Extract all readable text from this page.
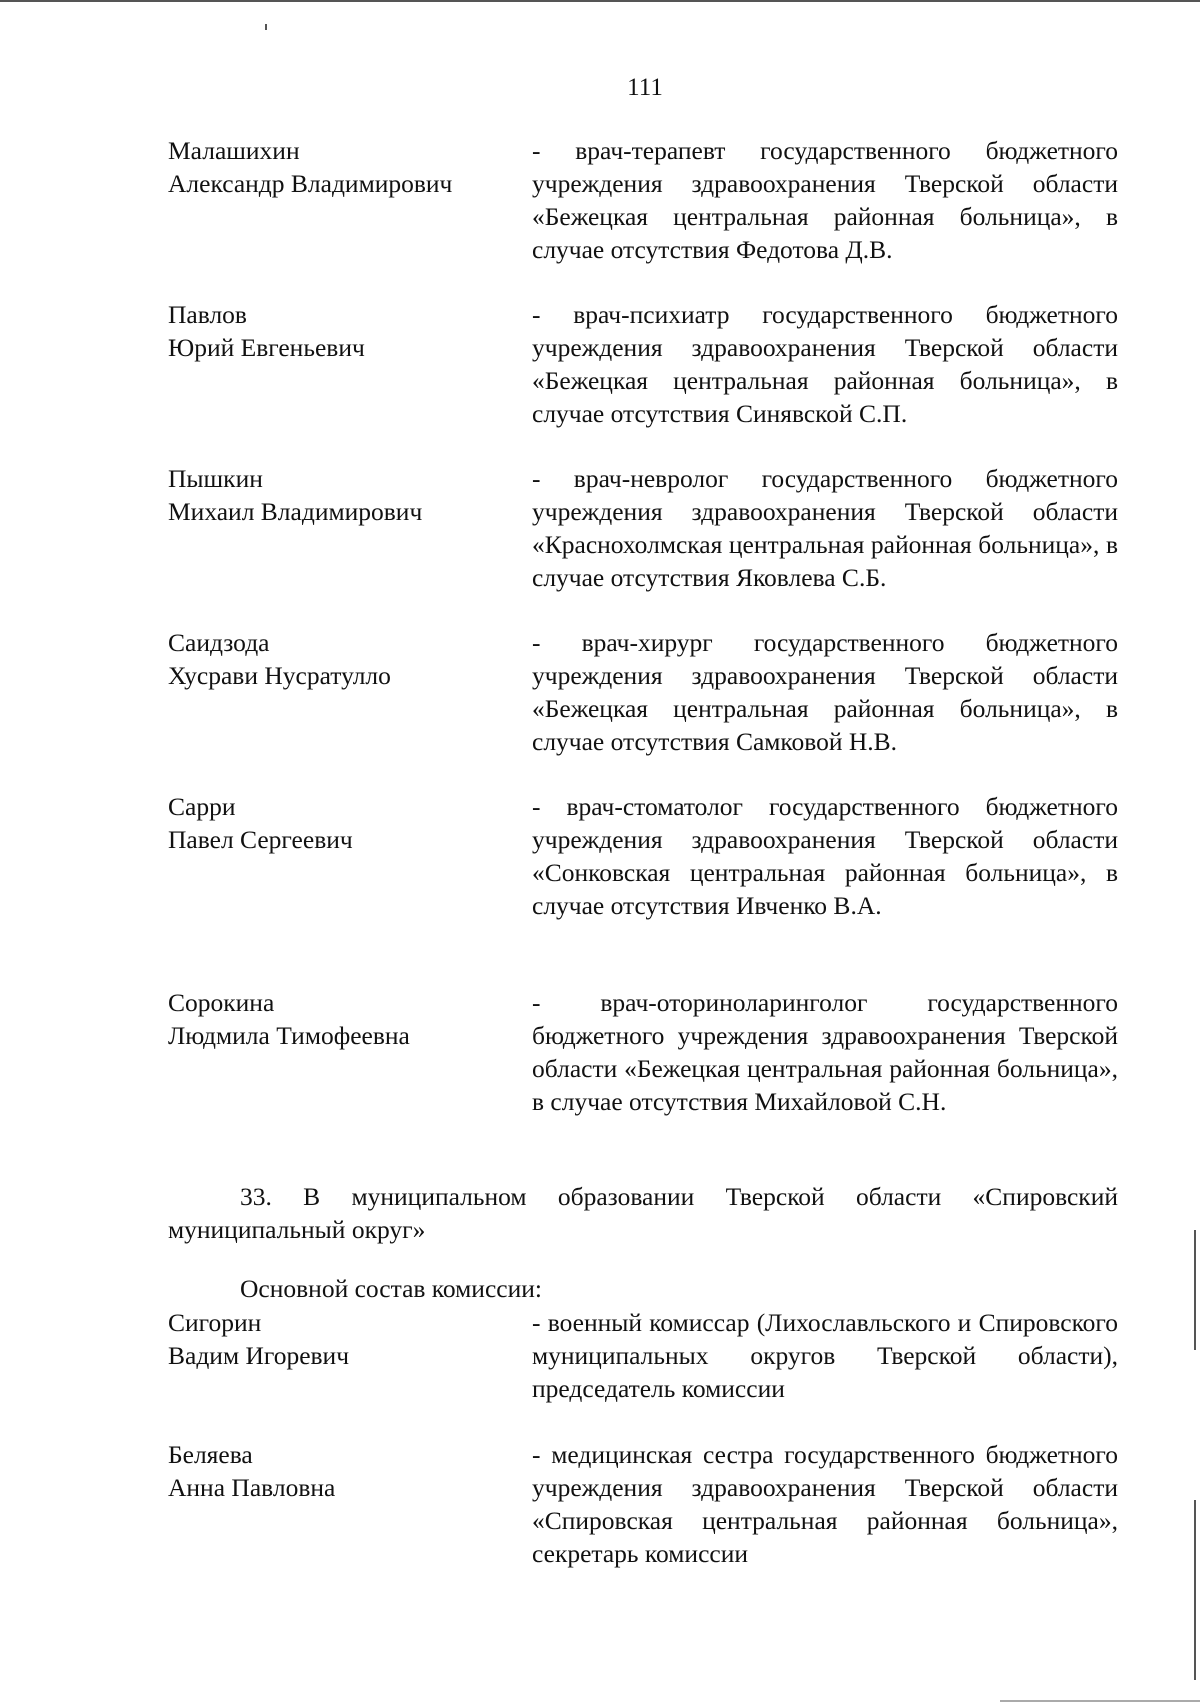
111
Малашихин
Александр Владимирович
- врач-терапевт государственного бюджетного учреждения здравоохранения Тверской области «Бежецкая центральная районная больница», в случае отсутствия Федотова Д.В.
Павлов
Юрий Евгеньевич
- врач-психиатр государственного бюджетного учреждения здравоохранения Тверской области «Бежецкая центральная районная больница», в случае отсутствия Синявской С.П.
Пышкин
Михаил Владимирович
- врач-невролог государственного бюджетного учреждения здравоохранения Тверской области «Краснохолмская центральная районная больница», в случае отсутствия Яковлева С.Б.
Саидзода
Хусрави Нусратулло
- врач-хирург государственного бюджетного учреждения здравоохранения Тверской области «Бежецкая центральная районная больница», в случае отсутствия Самковой Н.В.
Сарри
Павел Сергеевич
- врач-стоматолог государственного бюджетного учреждения здравоохранения Тверской области «Сонковская центральная районная больница», в случае отсутствия Ивченко В.А.
Сорокина
Людмила Тимофеевна
- врач-оториноларинголог государственного бюджетного учреждения здравоохранения Тверской области «Бежецкая центральная районная больница», в случае отсутствия Михайловой С.Н.
33. В муниципальном образовании Тверской области «Спировский муниципальный округ»
Основной состав комиссии:
Сигорин
Вадим Игоревич
- военный комиссар (Лихославльского и Спировского муниципальных округов Тверской области), председатель комиссии
Беляева
Анна Павловна
- медицинская сестра государственного бюджетного учреждения здравоохранения Тверской области «Спировская центральная районная больница», секретарь комиссии
